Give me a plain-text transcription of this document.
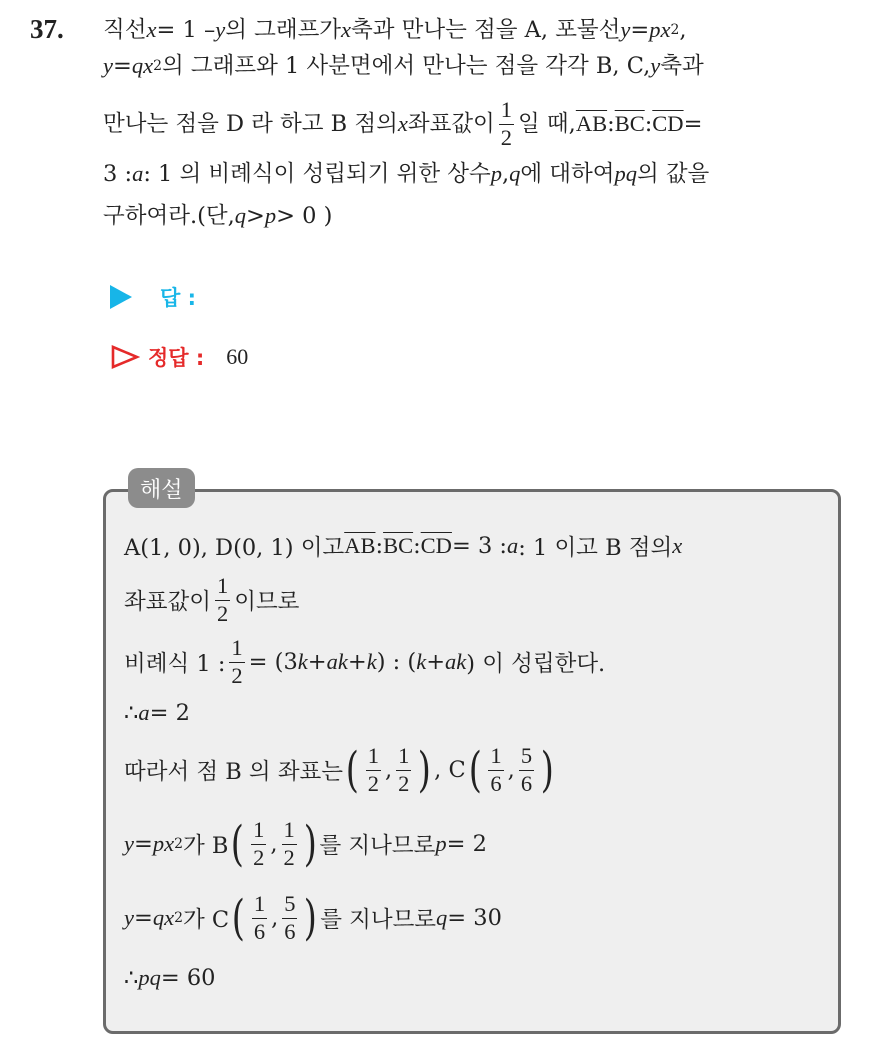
37. 직선 x = 1 – y 의 그래프가 x 축과 만나는 점을 A, 포물선 y = px 2 ,
y = qx 2 의 그래프와 1 사분면에서 만나는 점을 각각 B, C, y 축과
만나는 점을 D 라 하고 B 점의 x 좌표값이 $\frac{1}{2}$ 일 때, $\overline{AB}$ : $\overline{BC}$ : $\overline{CD}$ =
3 : a : 1 의 비례식이 성립되기 위한 상수 p , q 에 대하여 pq 의 값을
구하여라.(단, q > p > 0 )
답 :
정답 : 60
해설
A(1, 0), D(0, 1) 이고 $\overline{AB}$ : $\overline{BC}$ : $\overline{CD} = 3$ : a : 1 이고 B 점의 x
좌표값이 $\frac{1}{2}$ 이므로
비례식 1 : $\frac{1}{2} = (3$ k + ak + k ) : ( k + ak ) 이 성립한다.
∴ a = 2
따라서 점 B 의 좌표는 ( $\frac{1}{2}$ , $\frac{1}{2}$ ) , C ( $\frac{1}{6}$ , $\frac{5}{6}$ )
y = px 2 가 B ( $\frac{1}{2}$ , $\frac{1}{2}$ ) 를 지나므로 p = 2
y = qx 2 가 C ( $\frac{1}{6}$ , $\frac{5}{6}$ ) 를 지나므로 q = 30
∴ pq = 60
